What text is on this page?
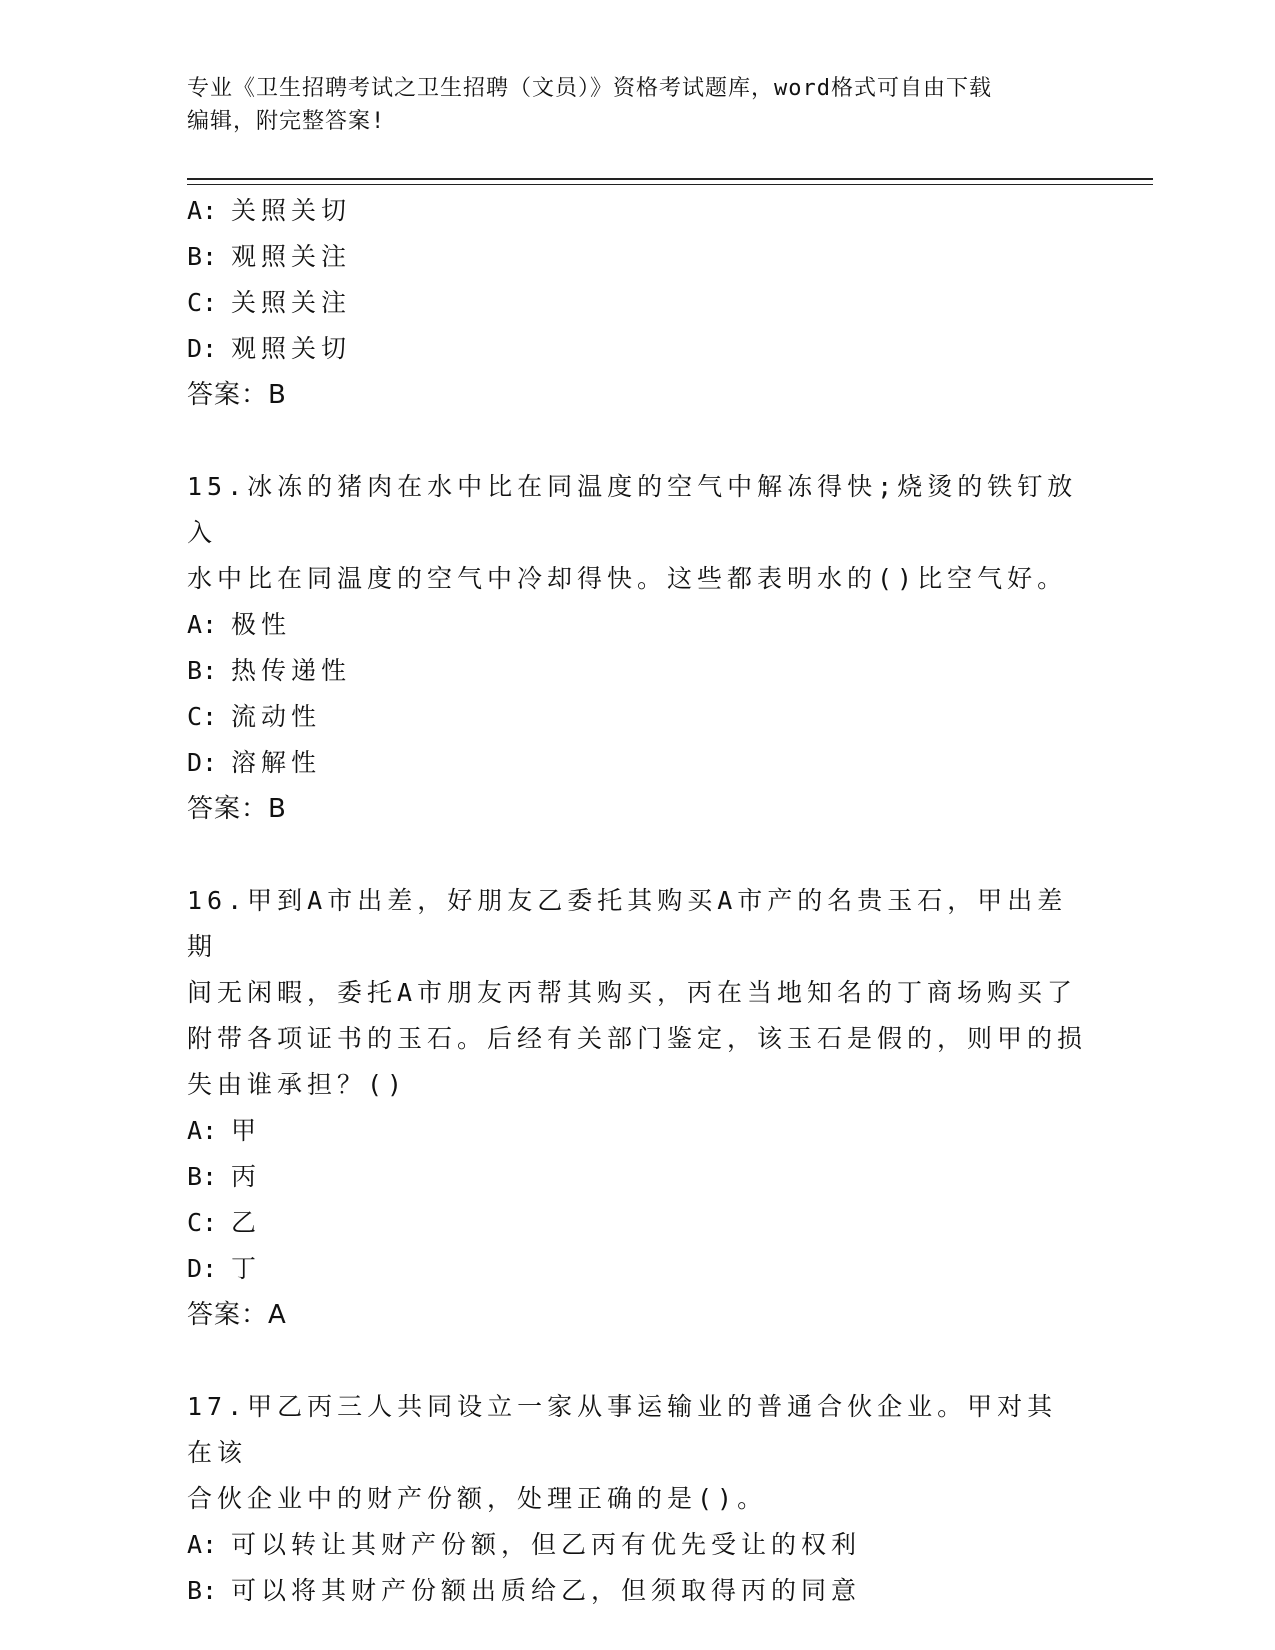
专业《卫生招聘考试之卫生招聘（文员）》资格考试题库，word格式可自由下载
编辑，附完整答案!
A: 关照关切
B: 观照关注
C: 关照关注
D: 观照关切
答案：B
15.冰冻的猪肉在水中比在同温度的空气中解冻得快;烧烫的铁钉放入
水中比在同温度的空气中冷却得快。这些都表明水的()比空气好。
A: 极性
B: 热传递性
C: 流动性
D: 溶解性
答案：B
16.甲到A市出差，好朋友乙委托其购买A市产的名贵玉石，甲出差期
间无闲暇，委托A市朋友丙帮其购买，丙在当地知名的丁商场购买了
附带各项证书的玉石。后经有关部门鉴定，该玉石是假的，则甲的损
失由谁承担？()
A: 甲
B: 丙
C: 乙
D: 丁
答案：A
17.甲乙丙三人共同设立一家从事运输业的普通合伙企业。甲对其在该
合伙企业中的财产份额，处理正确的是()。
A: 可以转让其财产份额，但乙丙有优先受让的权利
B: 可以将其财产份额出质给乙，但须取得丙的同意
